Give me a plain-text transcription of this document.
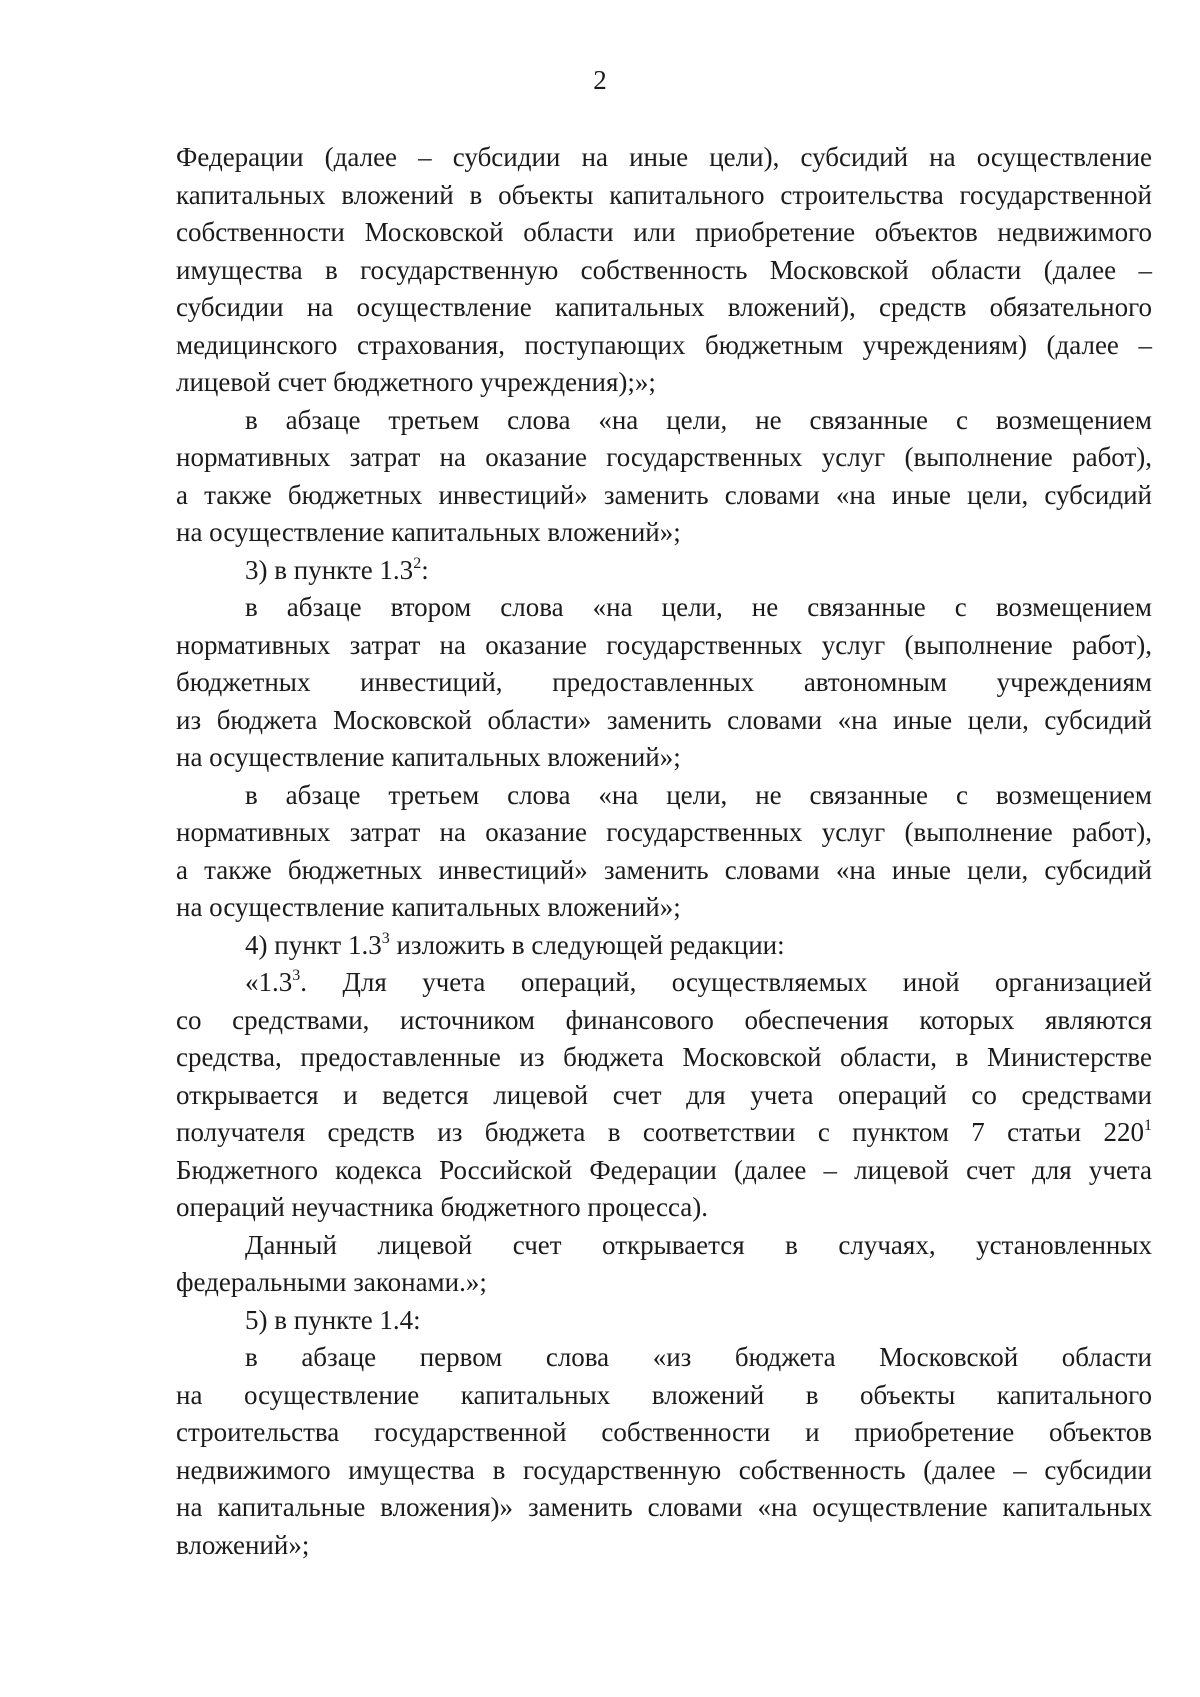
2
Федерации (далее – субсидии на иные цели), субсидий на осуществление
капитальных вложений в объекты капитального строительства государственной
собственности Московской области или приобретение объектов недвижимого
имущества в государственную собственность Московской области (далее –
субсидии на осуществление капитальных вложений), средств обязательного
медицинского страхования, поступающих бюджетным учреждениям) (далее –
лицевой счет бюджетного учреждения);»;
в абзаце третьем слова «на цели, не связанные с возмещением
нормативных затрат на оказание государственных услуг (выполнение работ),
а также бюджетных инвестиций» заменить словами «на иные цели, субсидий
на осуществление капитальных вложений»;
3) в пункте $1.3^2$:
в абзаце втором слова «на цели, не связанные с возмещением
нормативных затрат на оказание государственных услуг (выполнение работ),
бюджетных инвестиций, предоставленных автономным учреждениям
из бюджета Московской области» заменить словами «на иные цели, субсидий
на осуществление капитальных вложений»;
в абзаце третьем слова «на цели, не связанные с возмещением
нормативных затрат на оказание государственных услуг (выполнение работ),
а также бюджетных инвестиций» заменить словами «на иные цели, субсидий
на осуществление капитальных вложений»;
4) пункт $1.3^3$ изложить в следующей редакции:
«$1.3^3$. Для учета операций, осуществляемых иной организацией
со средствами, источником финансового обеспечения которых являются
средства, предоставленные из бюджета Московской области, в Министерстве
открывается и ведется лицевой счет для учета операций со средствами
получателя средств из бюджета в соответствии с пунктом 7 статьи $220^1$
Бюджетного кодекса Российской Федерации (далее – лицевой счет для учета
операций неучастника бюджетного процесса).
Данный лицевой счет открывается в случаях, установленных
федеральными законами.»;
5) в пункте 1.4:
в абзаце первом слова «из бюджета Московской области
на осуществление капитальных вложений в объекты капитального
строительства государственной собственности и приобретение объектов
недвижимого имущества в государственную собственность (далее – субсидии
на капитальные вложения)» заменить словами «на осуществление капитальных
вложений»;
